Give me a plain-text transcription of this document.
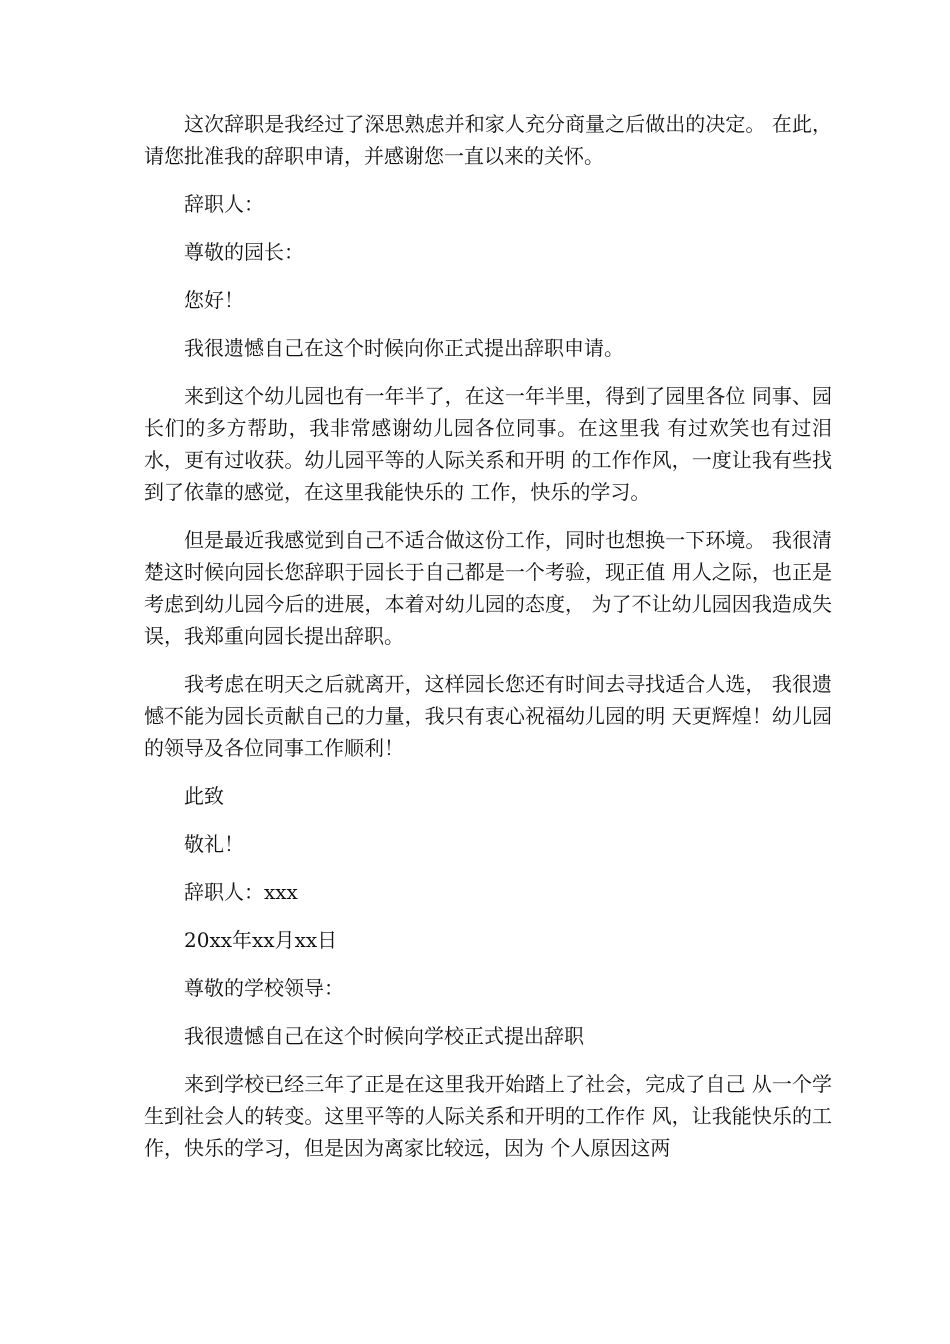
这次辞职是我经过了深思熟虑并和家人充分商量之后做出的决定。 在此，请您批准我的辞职申请，并感谢您一直以来的关怀。

辞职人：

尊敬的园长：

您好！

我很遗憾自己在这个时候向你正式提出辞职申请。

来到这个幼儿园也有一年半了，在这一年半里，得到了园里各位 同事、园长们的多方帮助，我非常感谢幼儿园各位同事。在这里我 有过欢笑也有过泪水，更有过收获。幼儿园平等的人际关系和开明 的工作作风，一度让我有些找到了依靠的感觉，在这里我能快乐的 工作，快乐的学习。

但是最近我感觉到自己不适合做这份工作，同时也想换一下环境。 我很清楚这时候向园长您辞职于园长于自己都是一个考验，现正值 用人之际，也正是考虑到幼儿园今后的进展，本着对幼儿园的态度， 为了不让幼儿园因我造成失误，我郑重向园长提出辞职。

我考虑在明天之后就离开，这样园长您还有时间去寻找适合人选， 我很遗憾不能为园长贡献自己的力量，我只有衷心祝福幼儿园的明 天更辉煌！幼儿园的领导及各位同事工作顺利！

此致

敬礼！

辞职人：xxx

20xx年xx月xx日

尊敬的学校领导：

我很遗憾自己在这个时候向学校正式提出辞职

来到学校已经三年了正是在这里我开始踏上了社会，完成了自己 从一个学生到社会人的转变。这里平等的人际关系和开明的工作作 风，让我能快乐的工作，快乐的学习，但是因为离家比较远，因为 个人原因这两
